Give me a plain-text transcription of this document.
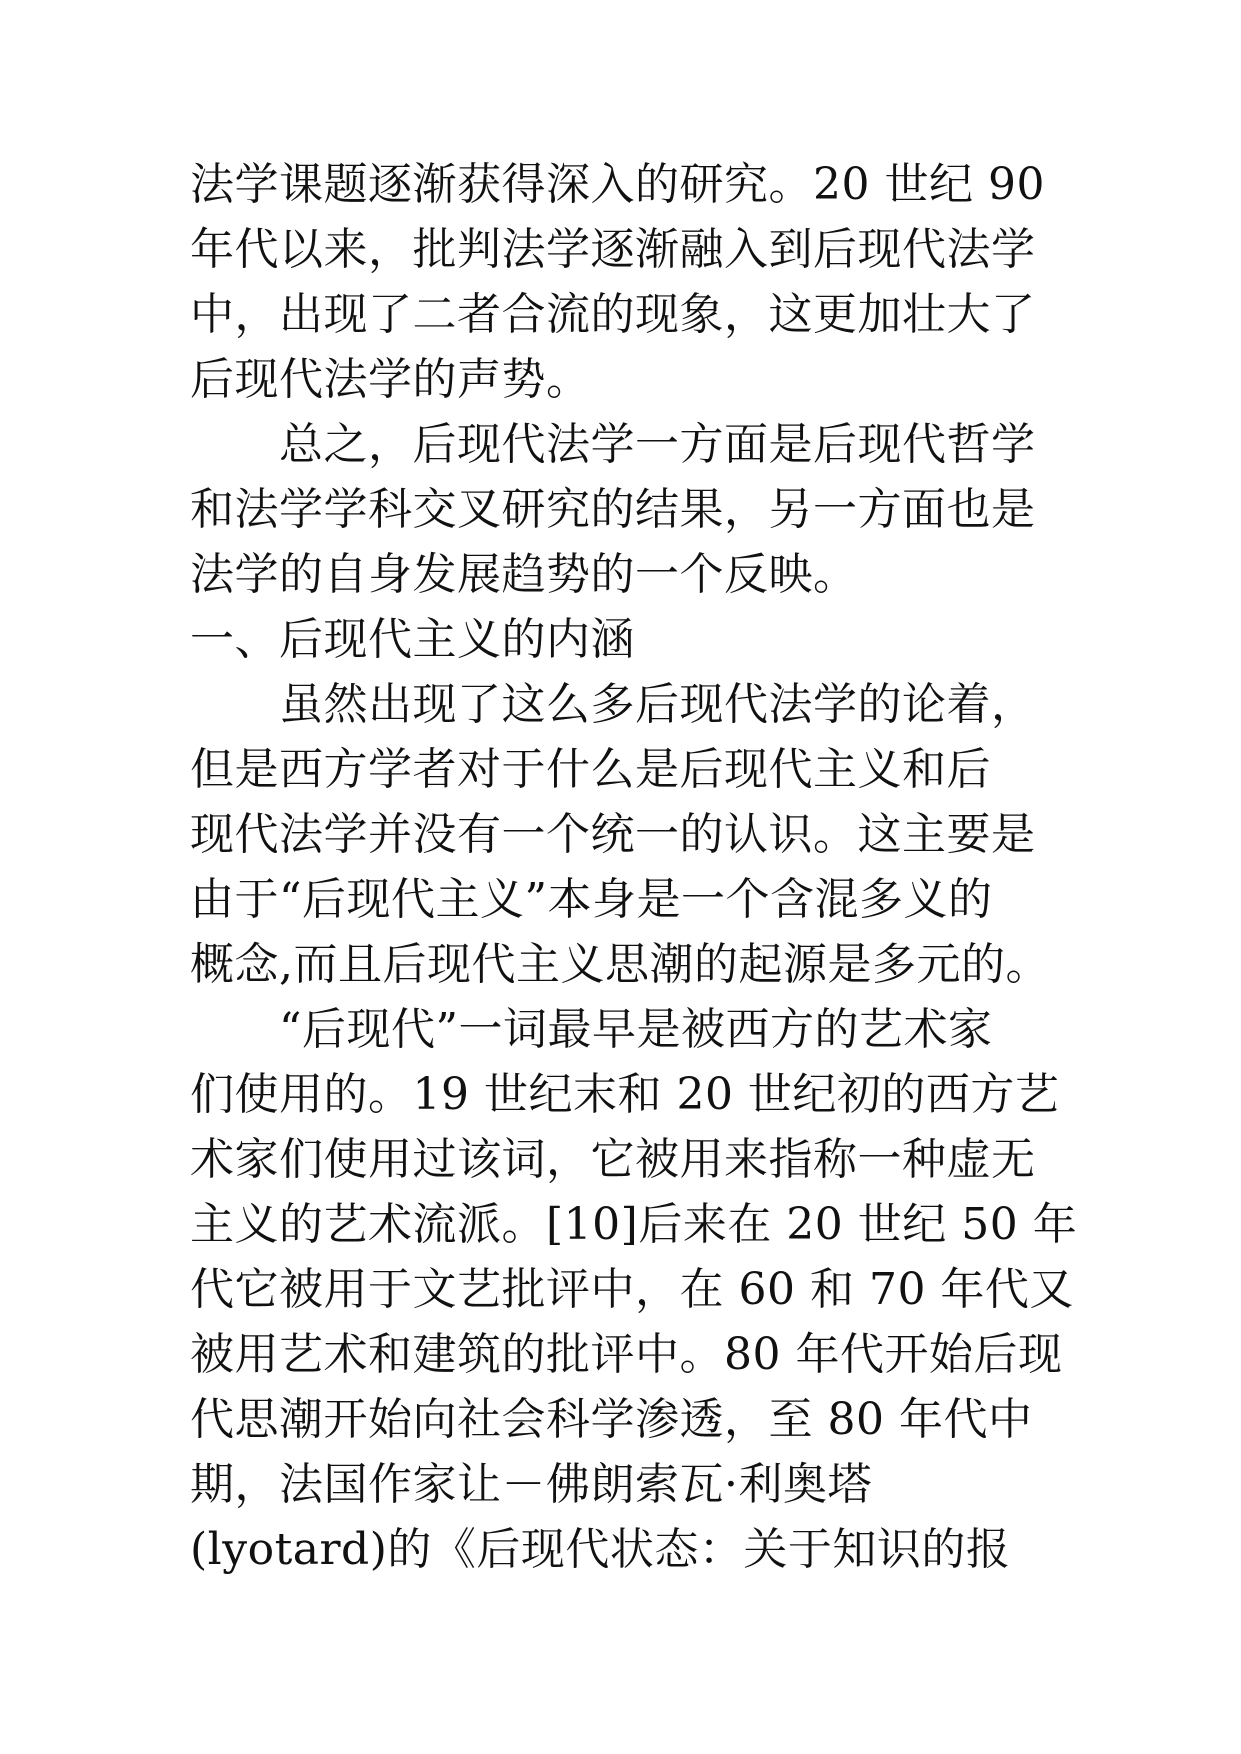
法学课题逐渐获得深入的研究。20 世纪 90

年代以来，批判法学逐渐融入到后现代法学

中，出现了二者合流的现象，这更加壮大了

后现代法学的声势。

　　总之，后现代法学一方面是后现代哲学

和法学学科交叉研究的结果，另一方面也是

法学的自身发展趋势的一个反映。

一、后现代主义的内涵

　　虽然出现了这么多后现代法学的论着，

但是西方学者对于什么是后现代主义和后

现代法学并没有一个统一的认识。这主要是

由于“后现代主义”本身是一个含混多义的

概念,而且后现代主义思潮的起源是多元的。

　　“后现代”一词最早是被西方的艺术家

们使用的。19 世纪末和 20 世纪初的西方艺

术家们使用过该词，它被用来指称一种虚无

主义的艺术流派。[10]后来在 20 世纪 50 年

代它被用于文艺批评中，在 60 和 70 年代又

被用艺术和建筑的批评中。80 年代开始后现

代思潮开始向社会科学渗透，至 80 年代中

期，法国作家让－佛朗索瓦·利奥塔

(lyotard)的《后现代状态：关于知识的报
